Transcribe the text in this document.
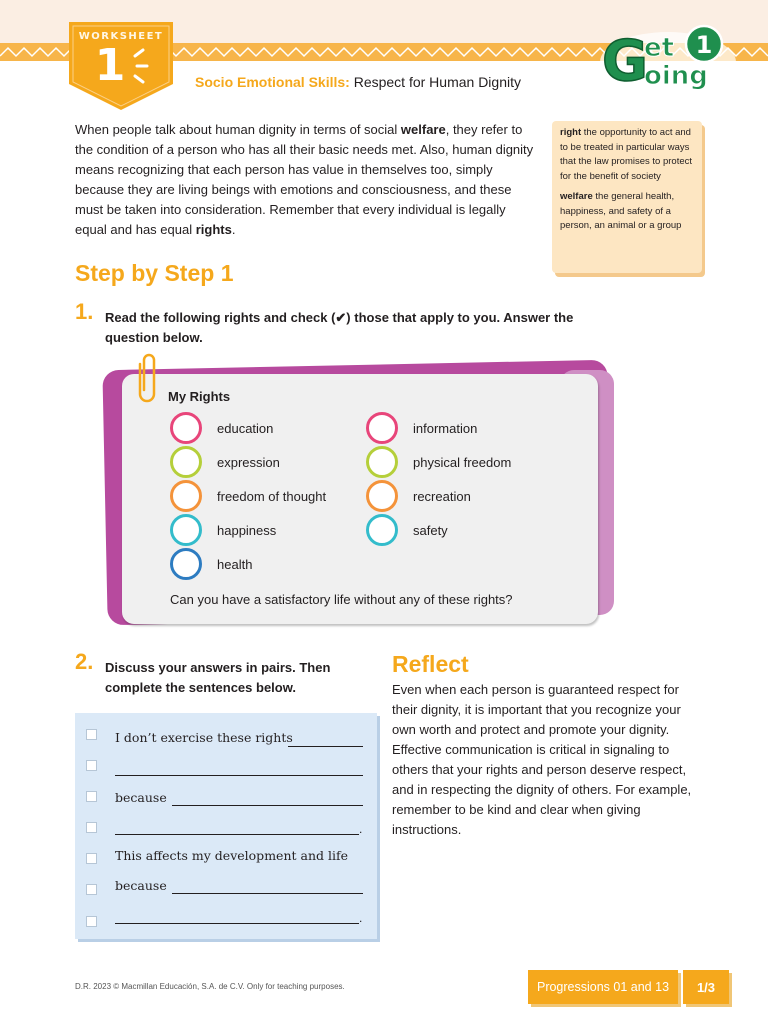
WORKSHEET
1	Socio Emotional Skills: Respect for Human Dignity G
et 1
oing
When people talk about human dignity in terms of social welfare, they refer to the condition of a person who has all their basic needs met. Also, human dignity means recognizing that each person has value in themselves too, simply because they are living beings with emotions and consciousness, and these must be taken into consideration. Remember that every individual is legally equal and has equal rights.

right the opportunity to act and to be treated in particular ways that the law promises to protect for the benefit of society

welfare the general health, happiness, and safety of a person, an animal or a group

Step by Step 1
1. Read the following rights and check (✔) those that apply to you. Answer the question below.
My Rights
education	information
expression	physical freedom
freedom of thought	recreation
happiness	safety
health
Can you have a satisfactory life without any of these rights?
2. Discuss your answers in pairs. Then complete the sentences below.
I don’t exercise these rights
because
.
This affects my development and life
because
.
Reflect
Even when each person is guaranteed respect for their dignity, it is important that you recognize your own worth and protect and promote your dignity. Effective communication is critical in signaling to others that your rights and person deserve respect, and in respecting the dignity of others. For example, remember to be kind and clear when giving instructions.
D.R. 2023 © Macmillan Educación, S.A. de C.V. Only for teaching purposes.	Progressions 01 and 13	1/3
